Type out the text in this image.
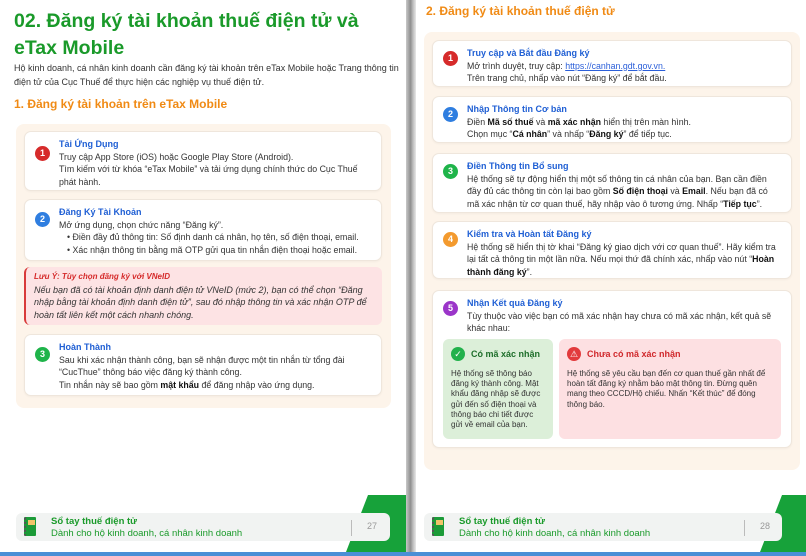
02. Đăng ký tài khoản thuế điện tử và eTax Mobile

Hộ kinh doanh, cá nhân kinh doanh cần đăng ký tài khoản trên eTax Mobile hoặc Trang thông tin điện tử của Cục Thuế để thực hiện các nghiệp vụ thuế điện tử.

1. Đăng ký tài khoản trên eTax Mobile
1
Tải Ứng Dụng
Truy cập App Store (iOS) hoặc Google Play Store (Android).
Tìm kiếm với từ khóa “eTax Mobile” và tải ứng dụng chính thức do Cục Thuế phát hành.
2
Đăng Ký Tài Khoản
Mở ứng dụng, chọn chức năng “Đăng ký”.
• Điền đầy đủ thông tin: Số định danh cá nhân, họ tên, số điện thoại, email.
• Xác nhận thông tin bằng mã OTP gửi qua tin nhắn điện thoại hoặc email.
Lưu Ý: Tùy chọn đăng ký với VNeID
Nếu bạn đã có tài khoản định danh điện tử VNeID (mức 2), bạn có thể chọn “Đăng nhập bằng tài khoản định danh điện tử”, sau đó nhập thông tin và xác nhận OTP để hoàn tất liên kết một cách nhanh chóng.
3
Hoàn Thành
Sau khi xác nhận thành công, bạn sẽ nhận được một tin nhắn từ tổng đài “CucThue” thông báo việc đăng ký thành công.
Tin nhắn này sẽ bao gồm mật khẩu để đăng nhập vào ứng dụng.
Sổ tay thuế điện tử
Dành cho hộ kinh doanh, cá nhân kinh doanh
27
2. Đăng ký tài khoản thuế điện tử
1	Truy cập và Bắt đầu Đăng ký
Mở trình duyệt, truy cập: https://canhan.gdt.gov.vn.
Trên trang chủ, nhấp vào nút “Đăng ký” để bắt đầu.
2	Nhập Thông tin Cơ bản
Điền Mã số thuế và mã xác nhận hiển thị trên màn hình.
Chọn mục “Cá nhân” và nhấp “Đăng ký” để tiếp tục.
3	Điền Thông tin Bổ sung
Hệ thống sẽ tự động hiển thị một số thông tin cá nhân của bạn. Bạn cần điền đầy đủ các thông tin còn lại bao gồm Số điện thoại và Email. Nếu bạn đã có mã xác nhận từ cơ quan thuế, hãy nhập vào ô tương ứng. Nhấp “Tiếp tục”.
4	Kiểm tra và Hoàn tất Đăng ký
Hệ thống sẽ hiển thị tờ khai “Đăng ký giao dịch với cơ quan thuế”. Hãy kiểm tra lại tất cả thông tin một lần nữa. Nếu mọi thứ đã chính xác, nhấp vào nút “Hoàn thành đăng ký”.
5	Nhận Kết quả Đăng ký
Tùy thuộc vào việc bạn có mã xác nhận hay chưa có mã xác nhận, kết quả sẽ khác nhau:
✓	Có mã xác nhận
Hệ thống sẽ thông báo đăng ký thành công. Mật khẩu đăng nhập sẽ được gửi đến số điện thoại và thông báo chi tiết được gửi về email của bạn.
⚠ Chưa có mã xác nhận
Hệ thống sẽ yêu cầu bạn đến cơ quan thuế gần nhất để hoàn tất đăng ký nhằm bảo mật thông tin. Đừng quên mang theo CCCD/Hộ chiếu. Nhấn “Kết thúc” để đóng thông báo.
Sổ tay thuế điện tử
Dành cho hộ kinh doanh, cá nhân kinh doanh
28
